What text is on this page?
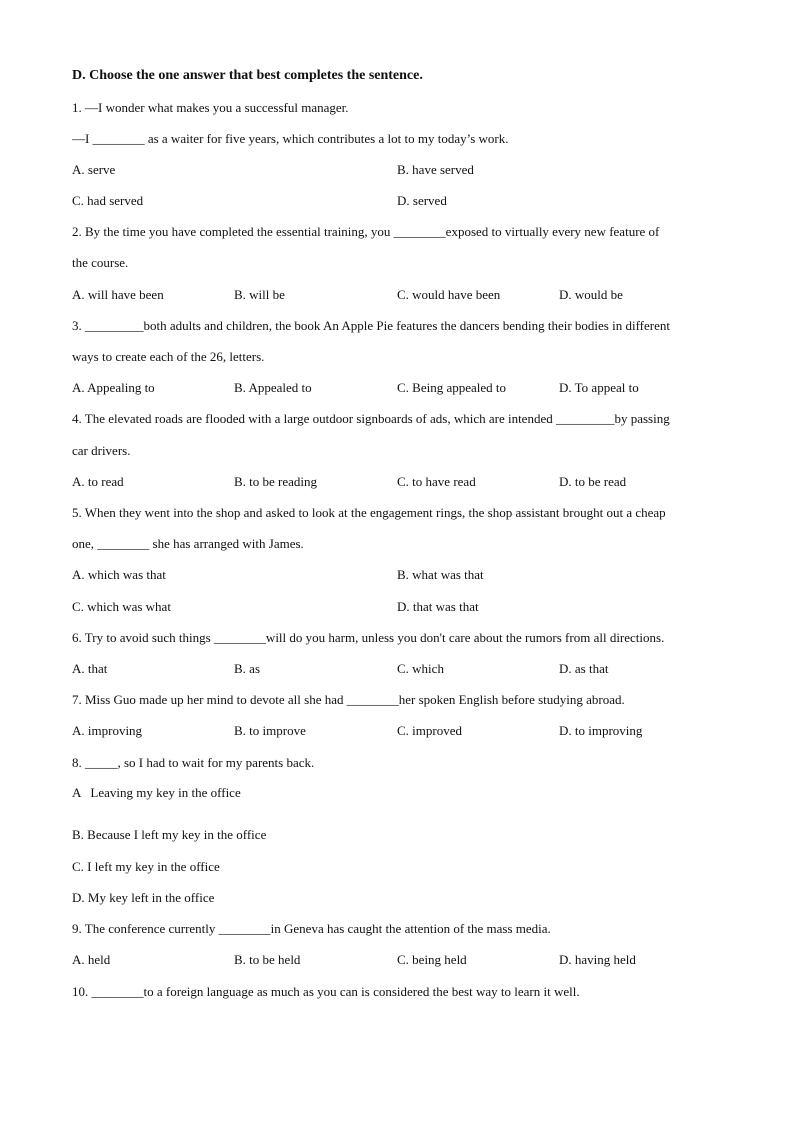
D. Choose the one answer that best completes the sentence.
1. —I wonder what makes you a successful manager.
—I ________ as a waiter for five years, which contributes a lot to my today’s work.
A. serve	B. have served
C. had served	D. served
2. By the time you have completed the essential training, you ________exposed to virtually every new feature of
the course.
A. will have been	B. will be	C. would have been	D. would be
3. _________both adults and children, the book An Apple Pie features the dancers bending their bodies in different
ways to create each of the 26, letters.
A. Appealing to	B. Appealed to	C. Being appealed to	D. To appeal to
4. The elevated roads are flooded with a large outdoor signboards of ads, which are intended _________by passing
car drivers.
A. to read	B. to be reading	C. to have read	D. to be read
5. When they went into the shop and asked to look at the engagement rings, the shop assistant brought out a cheap
one, ________ she has arranged with James.
A. which was that	B. what was that
C. which was what	D. that was that
6. Try to avoid such things ________will do you harm, unless you don't care about the rumors from all directions.
A. that	B. as	C. which	D. as that
7. Miss Guo made up her mind to devote all she had ________her spoken English before studying abroad.
A. improving	B. to improve	C. improved	D. to improving
8. _____, so I had to wait for my parents back.
A   Leaving my key in the office
B. Because I left my key in the office
C. I left my key in the office
D. My key left in the office
9. The conference currently ________in Geneva has caught the attention of the mass media.
A. held	B. to be held	C. being held	D. having held
10. ________to a foreign language as much as you can is considered the best way to learn it well.
